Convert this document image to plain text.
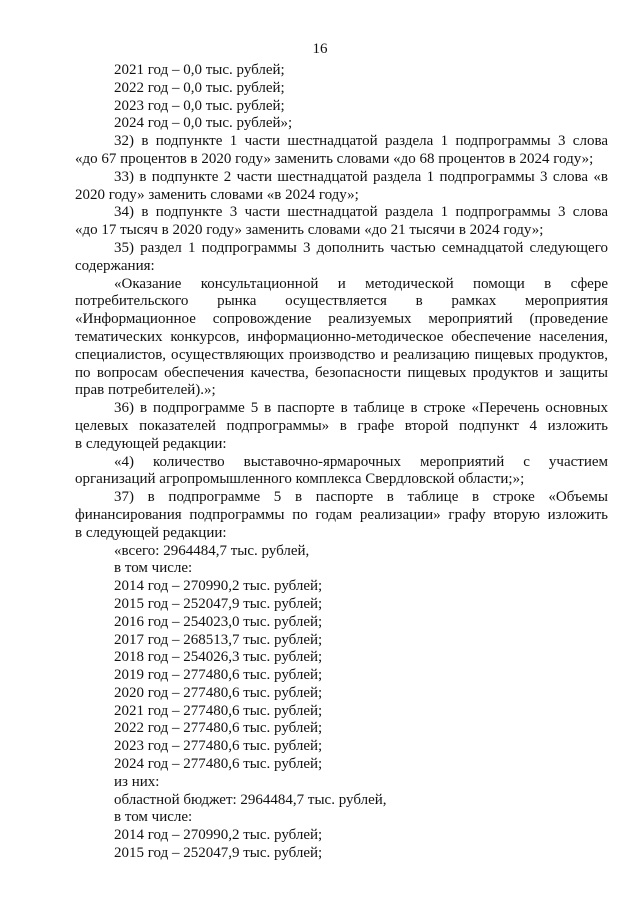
16
2021 год – 0,0 тыс. рублей;
2022 год – 0,0 тыс. рублей;
2023 год – 0,0 тыс. рублей;
2024 год – 0,0 тыс. рублей»;
32) в подпункте 1 части шестнадцатой раздела 1 подпрограммы 3 слова
«до 67 процентов в 2020 году» заменить словами «до 68 процентов в 2024 году»;
33) в подпункте 2 части шестнадцатой раздела 1 подпрограммы 3 слова «в
2020 году» заменить словами «в 2024 году»;
34) в подпункте 3 части шестнадцатой раздела 1 подпрограммы 3 слова
«до 17 тысяч в 2020 году» заменить словами «до 21 тысячи в 2024 году»;
35) раздел 1 подпрограммы 3 дополнить частью семнадцатой следующего
содержания:
«Оказание консультационной и методической помощи в сфере
потребительского рынка осуществляется в рамках мероприятия
«Информационное сопровождение реализуемых мероприятий (проведение
тематических конкурсов, информационно-методическое обеспечение населения,
специалистов, осуществляющих производство и реализацию пищевых продуктов,
по вопросам обеспечения качества, безопасности пищевых продуктов и защиты
прав потребителей).»;
36) в подпрограмме 5 в паспорте в таблице в строке «Перечень основных
целевых показателей подпрограммы» в графе второй подпункт 4 изложить
в следующей редакции:
«4) количество выставочно-ярмарочных мероприятий с участием
организаций агропромышленного комплекса Свердловской области;»;
37) в подпрограмме 5 в паспорте в таблице в строке «Объемы
финансирования подпрограммы по годам реализации» графу вторую изложить
в следующей редакции:
«всего: 2964484,7 тыс. рублей,
в том числе:
2014 год – 270990,2 тыс. рублей;
2015 год – 252047,9 тыс. рублей;
2016 год – 254023,0 тыс. рублей;
2017 год – 268513,7 тыс. рублей;
2018 год – 254026,3 тыс. рублей;
2019 год – 277480,6 тыс. рублей;
2020 год – 277480,6 тыс. рублей;
2021 год – 277480,6 тыс. рублей;
2022 год – 277480,6 тыс. рублей;
2023 год – 277480,6 тыс. рублей;
2024 год – 277480,6 тыс. рублей;
из них:
областной бюджет: 2964484,7 тыс. рублей,
в том числе:
2014 год – 270990,2 тыс. рублей;
2015 год – 252047,9 тыс. рублей;
